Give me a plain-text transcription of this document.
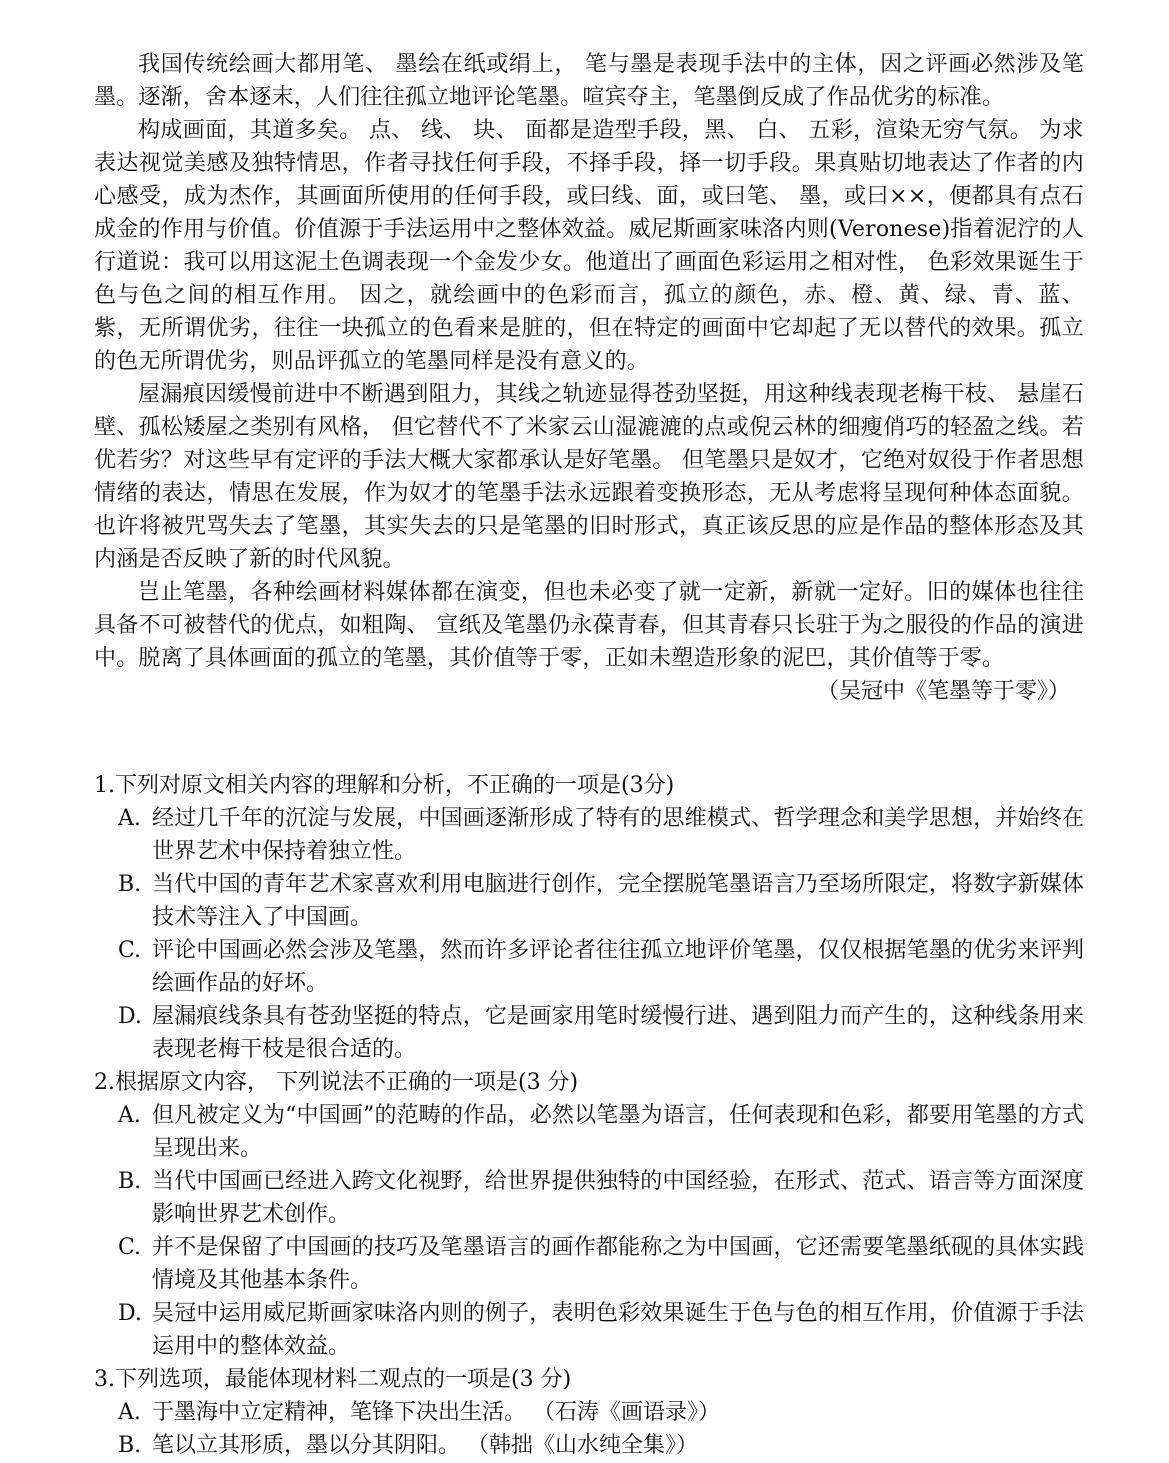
我国传统绘画大都用笔、 墨绘在纸或绢上， 笔与墨是表现手法中的主体，因之评画必然涉及笔墨。逐渐，舍本逐末，人们往往孤立地评论笔墨。喧宾夺主，笔墨倒反成了作品优劣的标准。

构成画面，其道多矣。 点、 线、 块、 面都是造型手段，黑、 白、 五彩，渲染无穷气氛。 为求表达视觉美感及独特情思，作者寻找任何手段，不择手段，择一切手段。果真贴切地表达了作者的内心感受，成为杰作，其画面所使用的任何手段，或曰线、面，或曰笔、 墨，或曰××，便都具有点石成金的作用与价值。价值源于手法运用中之整体效益。威尼斯画家味洛内则(Veronese)指着泥泞的人行道说：我可以用这泥土色调表现一个金发少女。他道出了画面色彩运用之相对性， 色彩效果诞生于色与色之间的相互作用。 因之，就绘画中的色彩而言，孤立的颜色，赤、橙、黄、绿、青、蓝、 紫，无所谓优劣，往往一块孤立的色看来是脏的，但在特定的画面中它却起了无以替代的效果。孤立的色无所谓优劣，则品评孤立的笔墨同样是没有意义的。

屋漏痕因缓慢前进中不断遇到阻力，其线之轨迹显得苍劲坚挺，用这种线表现老梅干枝、 悬崖石壁、孤松矮屋之类别有风格， 但它替代不了米家云山湿漉漉的点或倪云林的细瘦俏巧的轻盈之线。若优若劣？对这些早有定评的手法大概大家都承认是好笔墨。 但笔墨只是奴才，它绝对奴役于作者思想情绪的表达，情思在发展，作为奴才的笔墨手法永远跟着变换形态，无从考虑将呈现何种体态面貌。也许将被咒骂失去了笔墨，其实失去的只是笔墨的旧时形式，真正该反思的应是作品的整体形态及其内涵是否反映了新的时代风貌。

岂止笔墨，各种绘画材料媒体都在演变，但也未必变了就一定新，新就一定好。旧的媒体也往往具备不可被替代的优点，如粗陶、 宣纸及笔墨仍永葆青春，但其青春只长驻于为之服役的作品的演进中。脱离了具体画面的孤立的笔墨，其价值等于零，正如未塑造形象的泥巴，其价值等于零。

（吴冠中《笔墨等于零》）

1.下列对原文相关内容的理解和分析，不正确的一项是(3分)

A. 经过几千年的沉淀与发展，中国画逐渐形成了特有的思维模式、哲学理念和美学思想，并始终在世界艺术中保持着独立性。
B. 当代中国的青年艺术家喜欢利用电脑进行创作，完全摆脱笔墨语言乃至场所限定，将数字新媒体技术等注入了中国画。
C. 评论中国画必然会涉及笔墨，然而许多评论者往往孤立地评价笔墨，仅仅根据笔墨的优劣来评判绘画作品的好坏。
D. 屋漏痕线条具有苍劲坚挺的特点，它是画家用笔时缓慢行进、遇到阻力而产生的，这种线条用来表现老梅干枝是很合适的。

2.根据原文内容， 下列说法不正确的一项是(3 分)

A. 但凡被定义为“中国画”的范畴的作品，必然以笔墨为语言，任何表现和色彩，都要用笔墨的方式呈现出来。
B. 当代中国画已经进入跨文化视野，给世界提供独特的中国经验，在形式、范式、语言等方面深度影响世界艺术创作。
C. 并不是保留了中国画的技巧及笔墨语言的画作都能称之为中国画，它还需要笔墨纸砚的具体实践情境及其他基本条件。
D. 吴冠中运用威尼斯画家味洛内则的例子，表明色彩效果诞生于色与色的相互作用，价值源于手法运用中的整体效益。

3.下列选项，最能体现材料二观点的一项是(3 分)

A. 于墨海中立定精神，笔锋下决出生活。 （石涛《画语录》）
B. 笔以立其形质，墨以分其阴阳。 （韩拙《山水纯全集》）
